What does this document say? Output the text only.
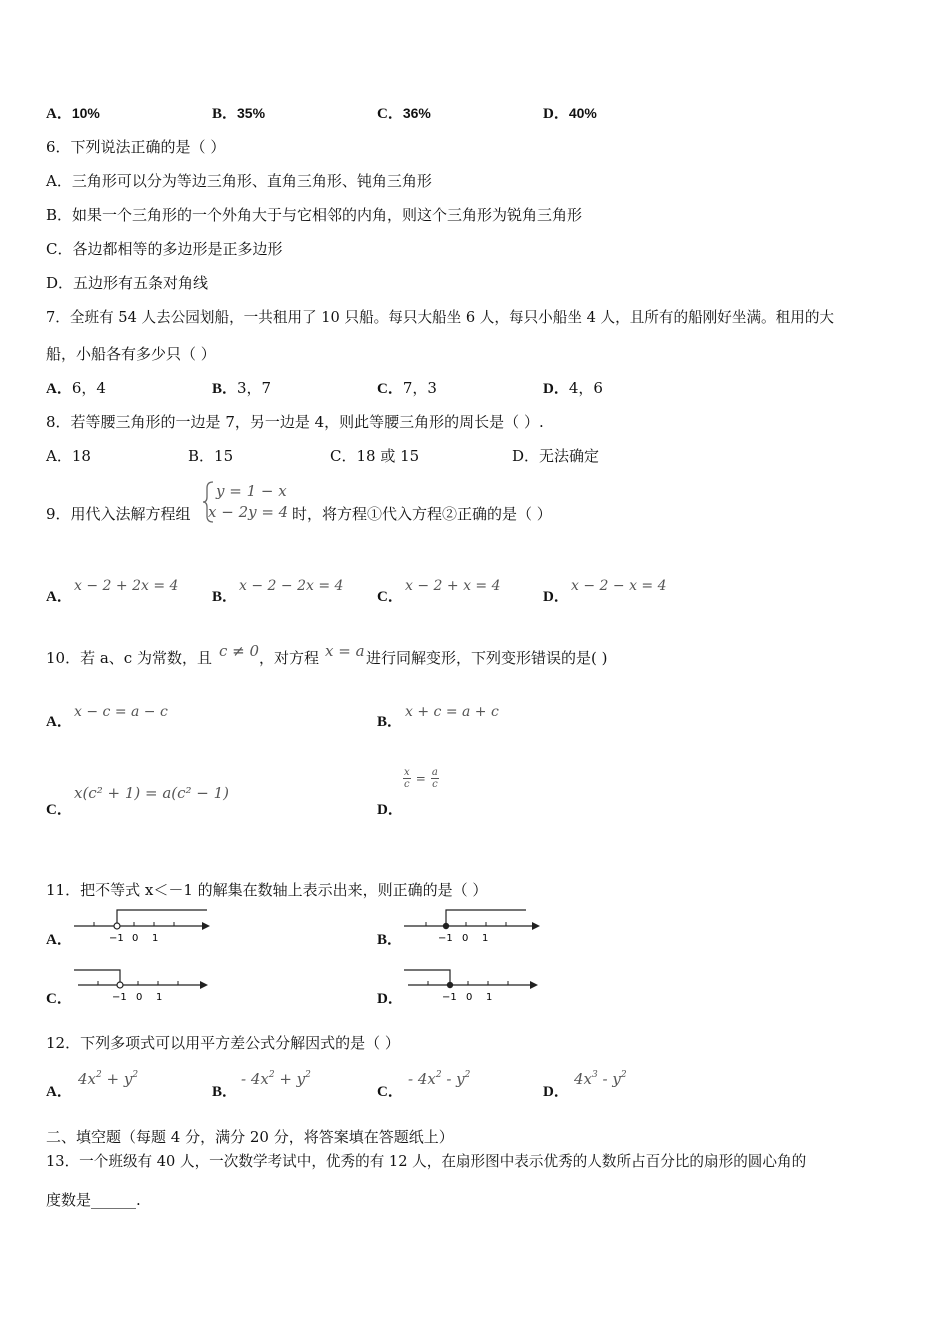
A．10%	B．35%	C．36%	D．40%
6．下列说法正确的是（ ）
A．三角形可以分为等边三角形、直角三角形、钝角三角形
B．如果一个三角形的一个外角大于与它相邻的内角，则这个三角形为锐角三角形
C．各边都相等的多边形是正多边形
D．五边形有五条对角线
7．全班有 54 人去公园划船，一共租用了 10 只船。每只大船坐 6 人，每只小船坐 4 人，且所有的船刚好坐满。租用的大
船，小船各有多少只（ ）
A．6，4	B．3，7	C．7，3	D．4，6
8．若等腰三角形的一边是 7，另一边是 4，则此等腰三角形的周长是（ ）.
A．18	B．15	C．18 或 15	D．无法确定
9．用代入法解方程组
y = 1 − x
x − 2y = 4 时，将方程①代入方程②正确的是（ ）
A．
x − 2 + 2x = 4
B．
x − 2 − 2x = 4
C．
x − 2 + x = 4
D．
x − 2 − x = 4
10．若 a、c 为常数，且 c ≠ 0 ，对方程 x = a 进行同解变形，下列变形错误的是( )
A．
x − c = a − c
B．
x + c = a + c
C．
x(c² + 1) = a(c² − 1)
D．
$\frac{x}{c} = \frac{a}{c}$
11．把不等式 x＜－1 的解集在数轴上表示出来，则正确的是（ ）
A．	−1 0 1	B．	−1 0 1
C．	−1 0 1	D．	−1 0 1
12．下列多项式可以用平方差公式分解因式的是（ ）
A．
$4x^2 + y^2$
B．
- $4x^2 + y^2$
C．
- $4x^2 - y^2$
D．
$4x^3 - y^2$
二、填空题（每题 4 分，满分 20 分，将答案填在答题纸上）
13．一个班级有 40 人，一次数学考试中，优秀的有 12 人，在扇形图中表示优秀的人数所占百分比的扇形的圆心角的
度数是______.
